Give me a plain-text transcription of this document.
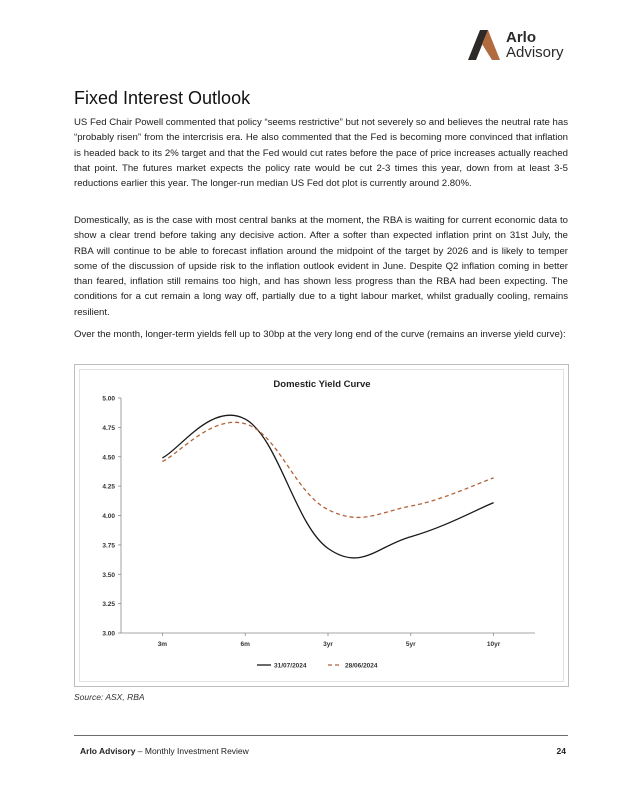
Arlo
Advisory
Fixed Interest Outlook

US Fed Chair Powell commented that policy “seems restrictive” but not severely so and believes the neutral rate has “probably risen” from the intercrisis era. He also commented that the Fed is becoming more convinced that inflation is headed back to its 2% target and that the Fed would cut rates before the pace of price increases actually reached that point. The futures market expects the policy rate would be cut 2-3 times this year, down from at least 3-5 reductions earlier this year. The longer-run median US Fed dot plot is currently around 2.80%.

Domestically, as is the case with most central banks at the moment, the RBA is waiting for current economic data to show a clear trend before taking any decisive action. After a softer than expected inflation print on 31st July, the RBA will continue to be able to forecast inflation around the midpoint of the target by 2026 and is likely to temper some of the discussion of upside risk to the inflation outlook evident in June. Despite Q2 inflation coming in better than feared, inflation still remains too high, and has shown less progress than the RBA had been expecting. The conditions for a cut remain a long way off, partially due to a tight labour market, whilst gradually cooling, remains resilient.

Over the month, longer-term yields fell up to 30bp at the very long end of the curve (remains an inverse yield curve):

Domestic Yield Curve
5.00
4.75
4.50
4.25
4.00
3.75
3.50
3.25
3.00
3m	6m	3yr	5yr	10yr
31/07/2024	28/06/2024

Source: ASX, RBA

Arlo Advisory – Monthly Investment Review	24
